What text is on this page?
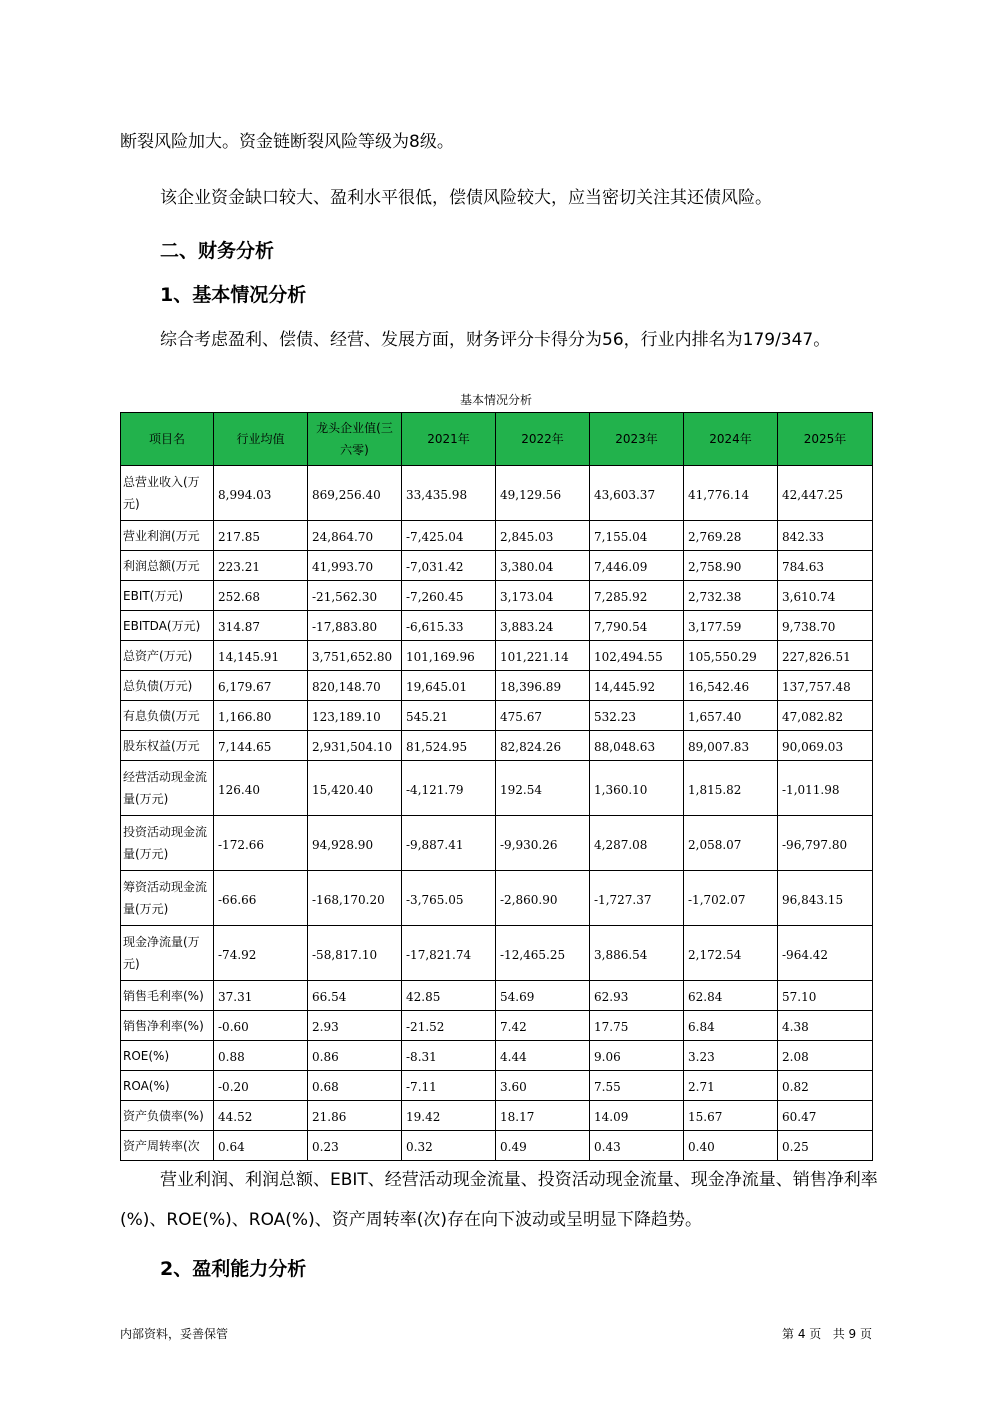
断裂风险加大。资金链断裂风险等级为8级。

该企业资金缺口较大、盈利水平很低，偿债风险较大，应当密切关注其还债风险。

二、财务分析
1、基本情况分析

综合考虑盈利、偿债、经营、发展方面，财务评分卡得分为56，行业内排名为179/347。

基本情况分析
项目名	行业均值	龙头企业值(三六零)	2021年	2022年	2023年	2024年	2025年
总营业收入(万元)	8,994.03	869,256.40	33,435.98	49,129.56	43,603.37	41,776.14	42,447.25
营业利润(万元	217.85	24,864.70	-7,425.04	2,845.03	7,155.04	2,769.28	842.33
利润总额(万元	223.21	41,993.70	-7,031.42	3,380.04	7,446.09	2,758.90	784.63
EBIT(万元)	252.68	-21,562.30	-7,260.45	3,173.04	7,285.92	2,732.38	3,610.74
EBITDA(万元)	314.87	-17,883.80	-6,615.33	3,883.24	7,790.54	3,177.59	9,738.70
总资产(万元)	14,145.91	3,751,652.80	101,169.96	101,221.14	102,494.55	105,550.29	227,826.51
总负债(万元)	6,179.67	820,148.70	19,645.01	18,396.89	14,445.92	16,542.46	137,757.48
有息负债(万元	1,166.80	123,189.10	545.21	475.67	532.23	1,657.40	47,082.82
股东权益(万元	7,144.65	2,931,504.10	81,524.95	82,824.26	88,048.63	89,007.83	90,069.03
经营活动现金流量(万元)	126.40	15,420.40	-4,121.79	192.54	1,360.10	1,815.82	-1,011.98
投资活动现金流量(万元)	-172.66	94,928.90	-9,887.41	-9,930.26	4,287.08	2,058.07	-96,797.80
筹资活动现金流量(万元)	-66.66	-168,170.20	-3,765.05	-2,860.90	-1,727.37	-1,702.07	96,843.15
现金净流量(万元)	-74.92	-58,817.10	-17,821.74	-12,465.25	3,886.54	2,172.54	-964.42
销售毛利率(%)	37.31	66.54	42.85	54.69	62.93	62.84	57.10
销售净利率(%)	-0.60	2.93	-21.52	7.42	17.75	6.84	4.38
ROE(%)	0.88	0.86	-8.31	4.44	9.06	3.23	2.08
ROA(%)	-0.20	0.68	-7.11	3.60	7.55	2.71	0.82
资产负债率(%)	44.52	21.86	19.42	18.17	14.09	15.67	60.47
资产周转率(次	0.64	0.23	0.32	0.49	0.43	0.40	0.25

营业利润、利润总额、EBIT、经营活动现金流量、投资活动现金流量、现金净流量、销售净利率(%)、ROE(%)、ROA(%)、资产周转率(次)存在向下波动或呈明显下降趋势。

2、盈利能力分析
内部资料，妥善保管	第 4 页   共 9 页
